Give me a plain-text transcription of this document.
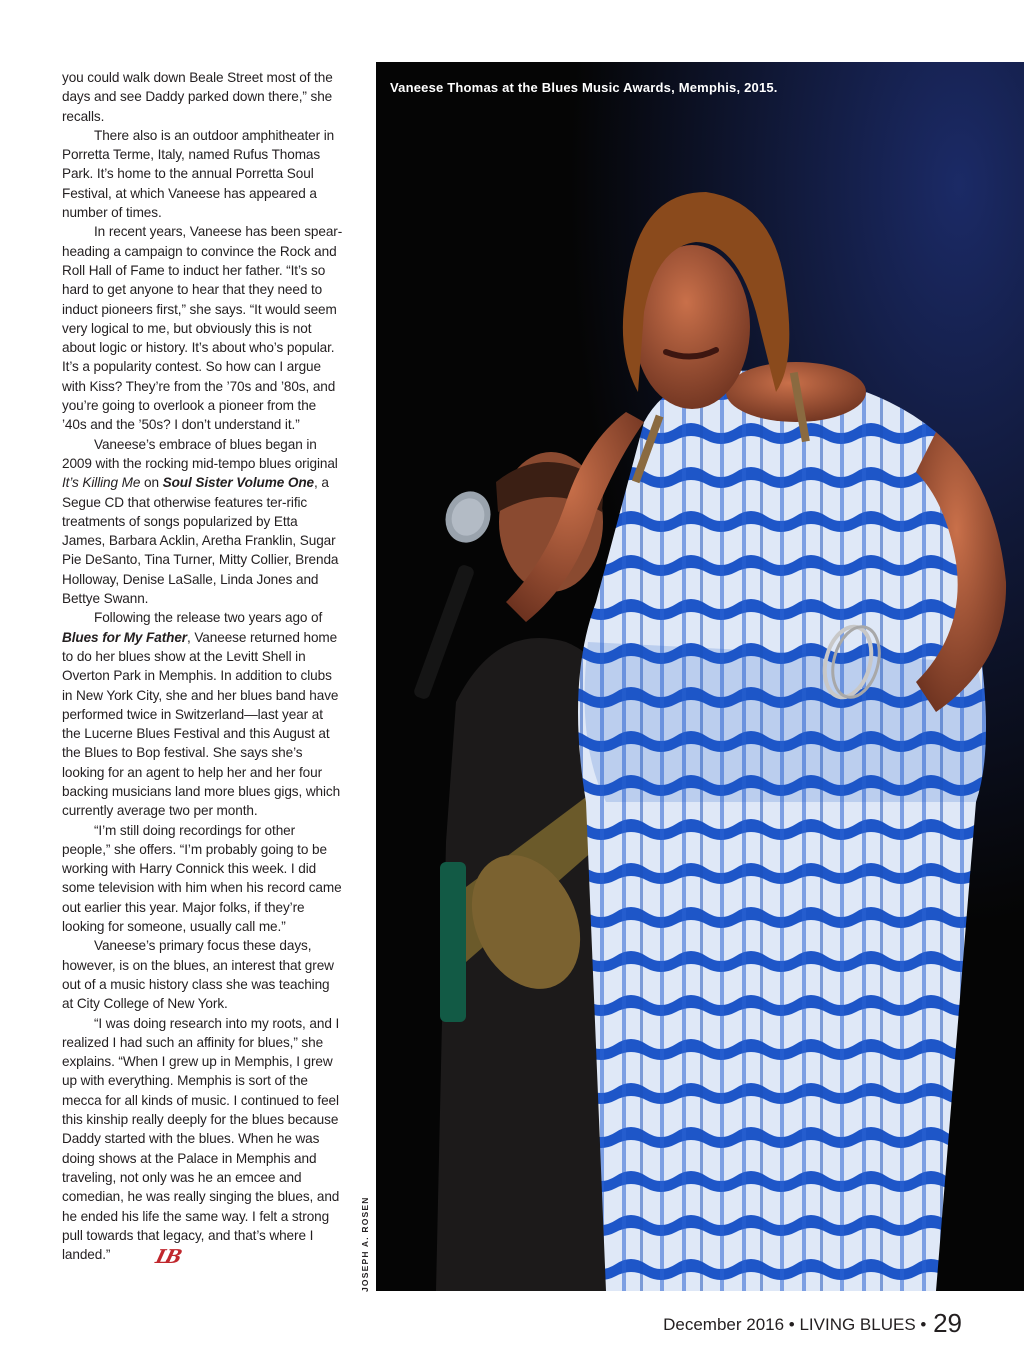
you could walk down Beale Street most of the days and see Daddy parked down there,” she recalls.

There also is an outdoor amphitheater in Porretta Terme, Italy, named Rufus Thomas Park. It’s home to the annual Porretta Soul Festival, at which Vaneese has appeared a number of times.

In recent years, Vaneese has been spear-heading a campaign to convince the Rock and Roll Hall of Fame to induct her father. “It’s so hard to get anyone to hear that they need to induct pioneers first,” she says. “It would seem very logical to me, but obviously this is not about logic or history. It’s about who’s popular. It’s a popularity contest. So how can I argue with Kiss? They’re from the ’70s and ’80s, and you’re going to overlook a pioneer from the ’40s and the ’50s? I don’t understand it.”

Vaneese’s embrace of blues began in 2009 with the rocking mid-tempo blues original It’s Killing Me on Soul Sister Volume One, a Segue CD that otherwise features ter-rific treatments of songs popularized by Etta James, Barbara Acklin, Aretha Franklin, Sugar Pie DeSanto, Tina Turner, Mitty Collier, Brenda Holloway, Denise LaSalle, Linda Jones and Bettye Swann.

Following the release two years ago of Blues for My Father, Vaneese returned home to do her blues show at the Levitt Shell in Overton Park in Memphis. In addition to clubs in New York City, she and her blues band have performed twice in Switzerland—last year at the Lucerne Blues Festival and this August at the Blues to Bop festival. She says she’s looking for an agent to help her and her four backing musicians land more blues gigs, which currently average two per month.

“I’m still doing recordings for other people,” she offers. “I’m probably going to be working with Harry Connick this week. I did some television with him when his record came out earlier this year. Major folks, if they’re looking for someone, usually call me.”

Vaneese’s primary focus these days, however, is on the blues, an interest that grew out of a music history class she was teaching at City College of New York.

“I was doing research into my roots, and I realized I had such an affinity for blues,” she explains. “When I grew up in Memphis, I grew up with everything. Memphis is sort of the mecca for all kinds of music. I continued to feel this kinship really deeply for the blues because Daddy started with the blues. When he was doing shows at the Palace in Memphis and traveling, not only was he an emcee and comedian, he was really singing the blues, and he ended his life the same way. I felt a strong pull towards that legacy, and that’s where I landed.” LB	JOSEPH A. ROSEN
Vaneese Thomas at the Blues Music Awards, Memphis, 2015.
December 2016 • LIVING BLUES • 29
